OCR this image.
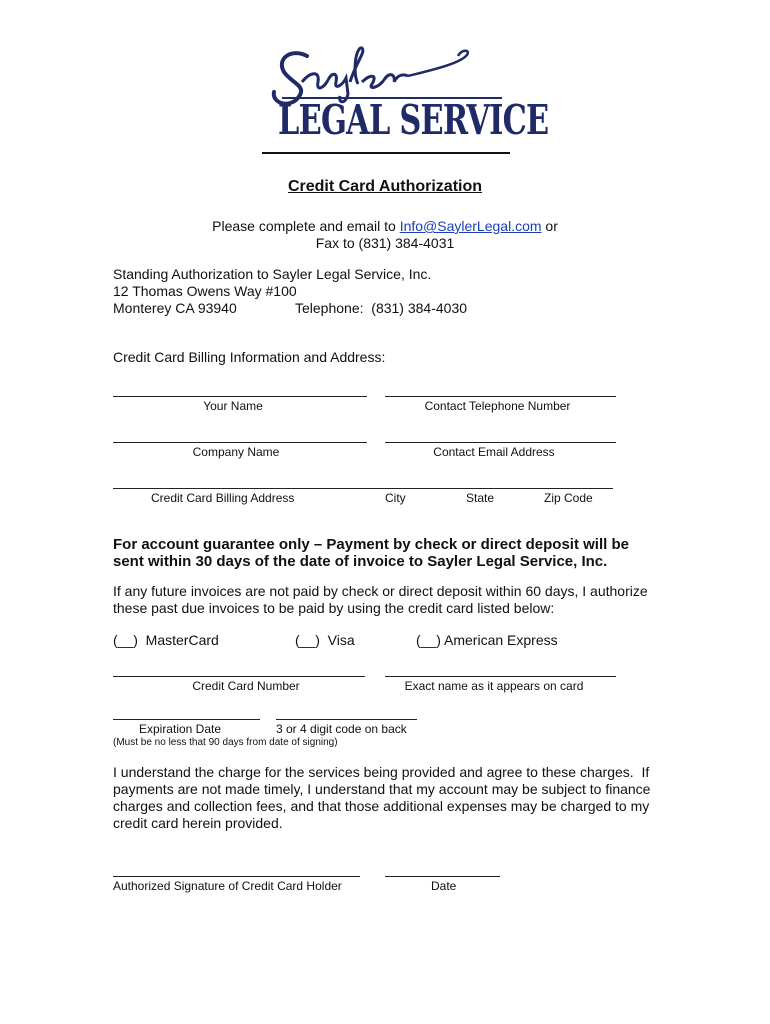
LEGAL SERVICE
Credit Card Authorization
Please complete and email to Info@SaylerLegal.com or
Fax to (831) 384-4031
Standing Authorization to Sayler Legal Service, Inc.
12 Thomas Owens Way #100
Monterey CA 93940	Telephone:  (831) 384-4030
Credit Card Billing Information and Address:
Your Name	Contact Telephone Number
Company Name	Contact Email Address
Credit Card Billing Address	City	State	Zip Code
For account guarantee only – Payment by check or direct deposit will be
sent within 30 days of the date of invoice to Sayler Legal Service, Inc.
If any future invoices are not paid by check or direct deposit within 60 days, I authorize
these past due invoices to be paid by using the credit card listed below:
(__)  MasterCard	(__)  Visa	(__) American Express
Credit Card Number	Exact name as it appears on card
Expiration Date	3 or 4 digit code on back
(Must be no less that 90 days from date of signing)
I understand the charge for the services being provided and agree to these charges.  If
payments are not made timely, I understand that my account may be subject to finance
charges and collection fees, and that those additional expenses may be charged to my
credit card herein provided.
Authorized Signature of Credit Card Holder	Date
